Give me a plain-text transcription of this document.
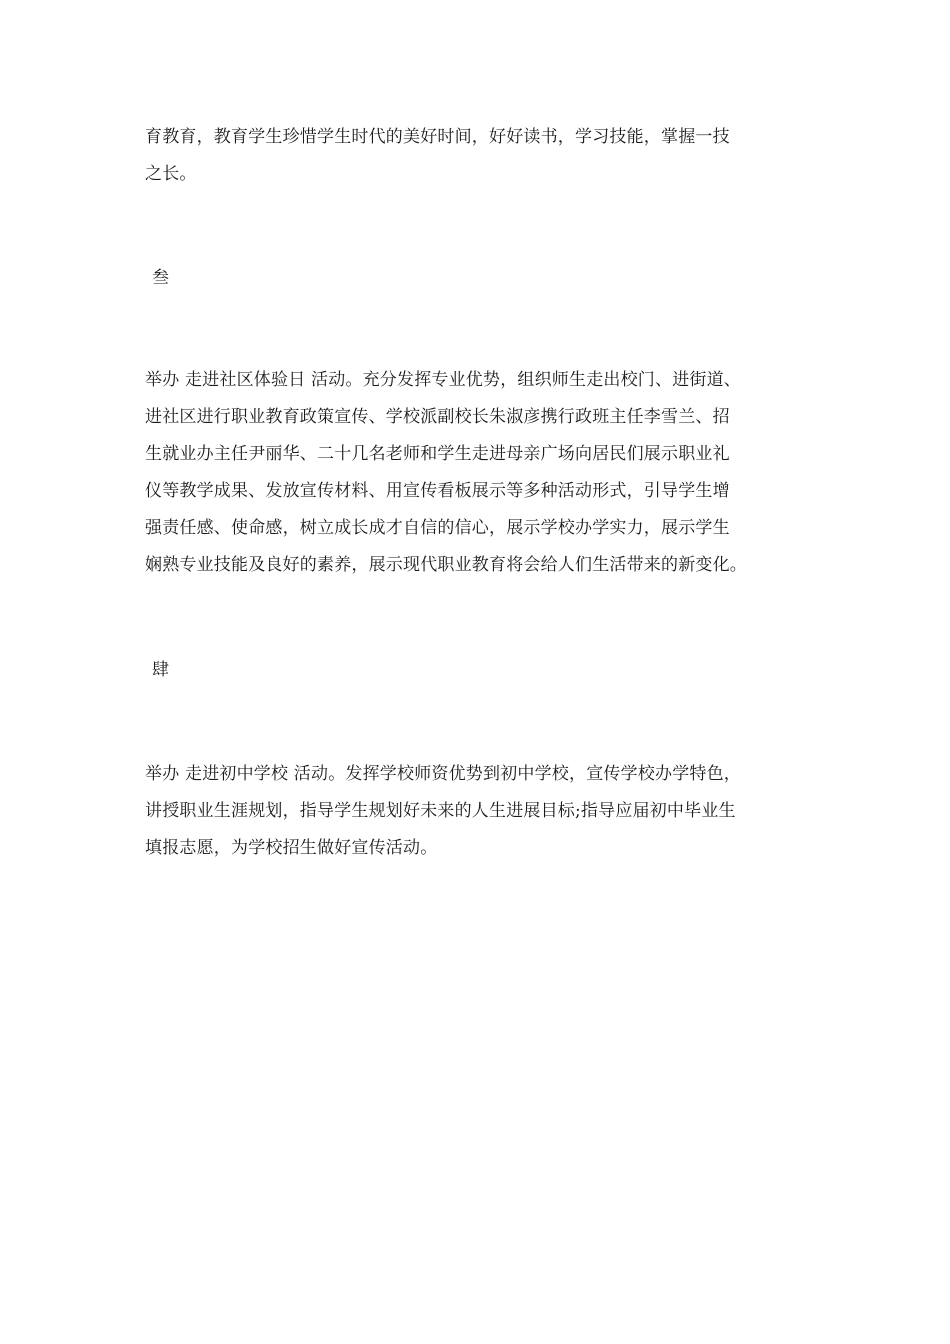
育教育，教育学生珍惜学生时代的美好时间，好好读书，学习技能，掌握一技
之长。
叁
举办 走进社区体验日 活动。充分发挥专业优势，组织师生走出校门、进街道、
进社区进行职业教育政策宣传、学校派副校长朱淑彦携行政班主任李雪兰、招
生就业办主任尹丽华、二十几名老师和学生走进母亲广场向居民们展示职业礼
仪等教学成果、发放宣传材料、用宣传看板展示等多种活动形式，引导学生增
强责任感、使命感，树立成长成才自信的信心，展示学校办学实力，展示学生
娴熟专业技能及良好的素养，展示现代职业教育将会给人们生活带来的新变化。
肆
举办 走进初中学校 活动。发挥学校师资优势到初中学校，宣传学校办学特色，
讲授职业生涯规划，指导学生规划好未来的人生进展目标;指导应届初中毕业生
填报志愿，为学校招生做好宣传活动。
